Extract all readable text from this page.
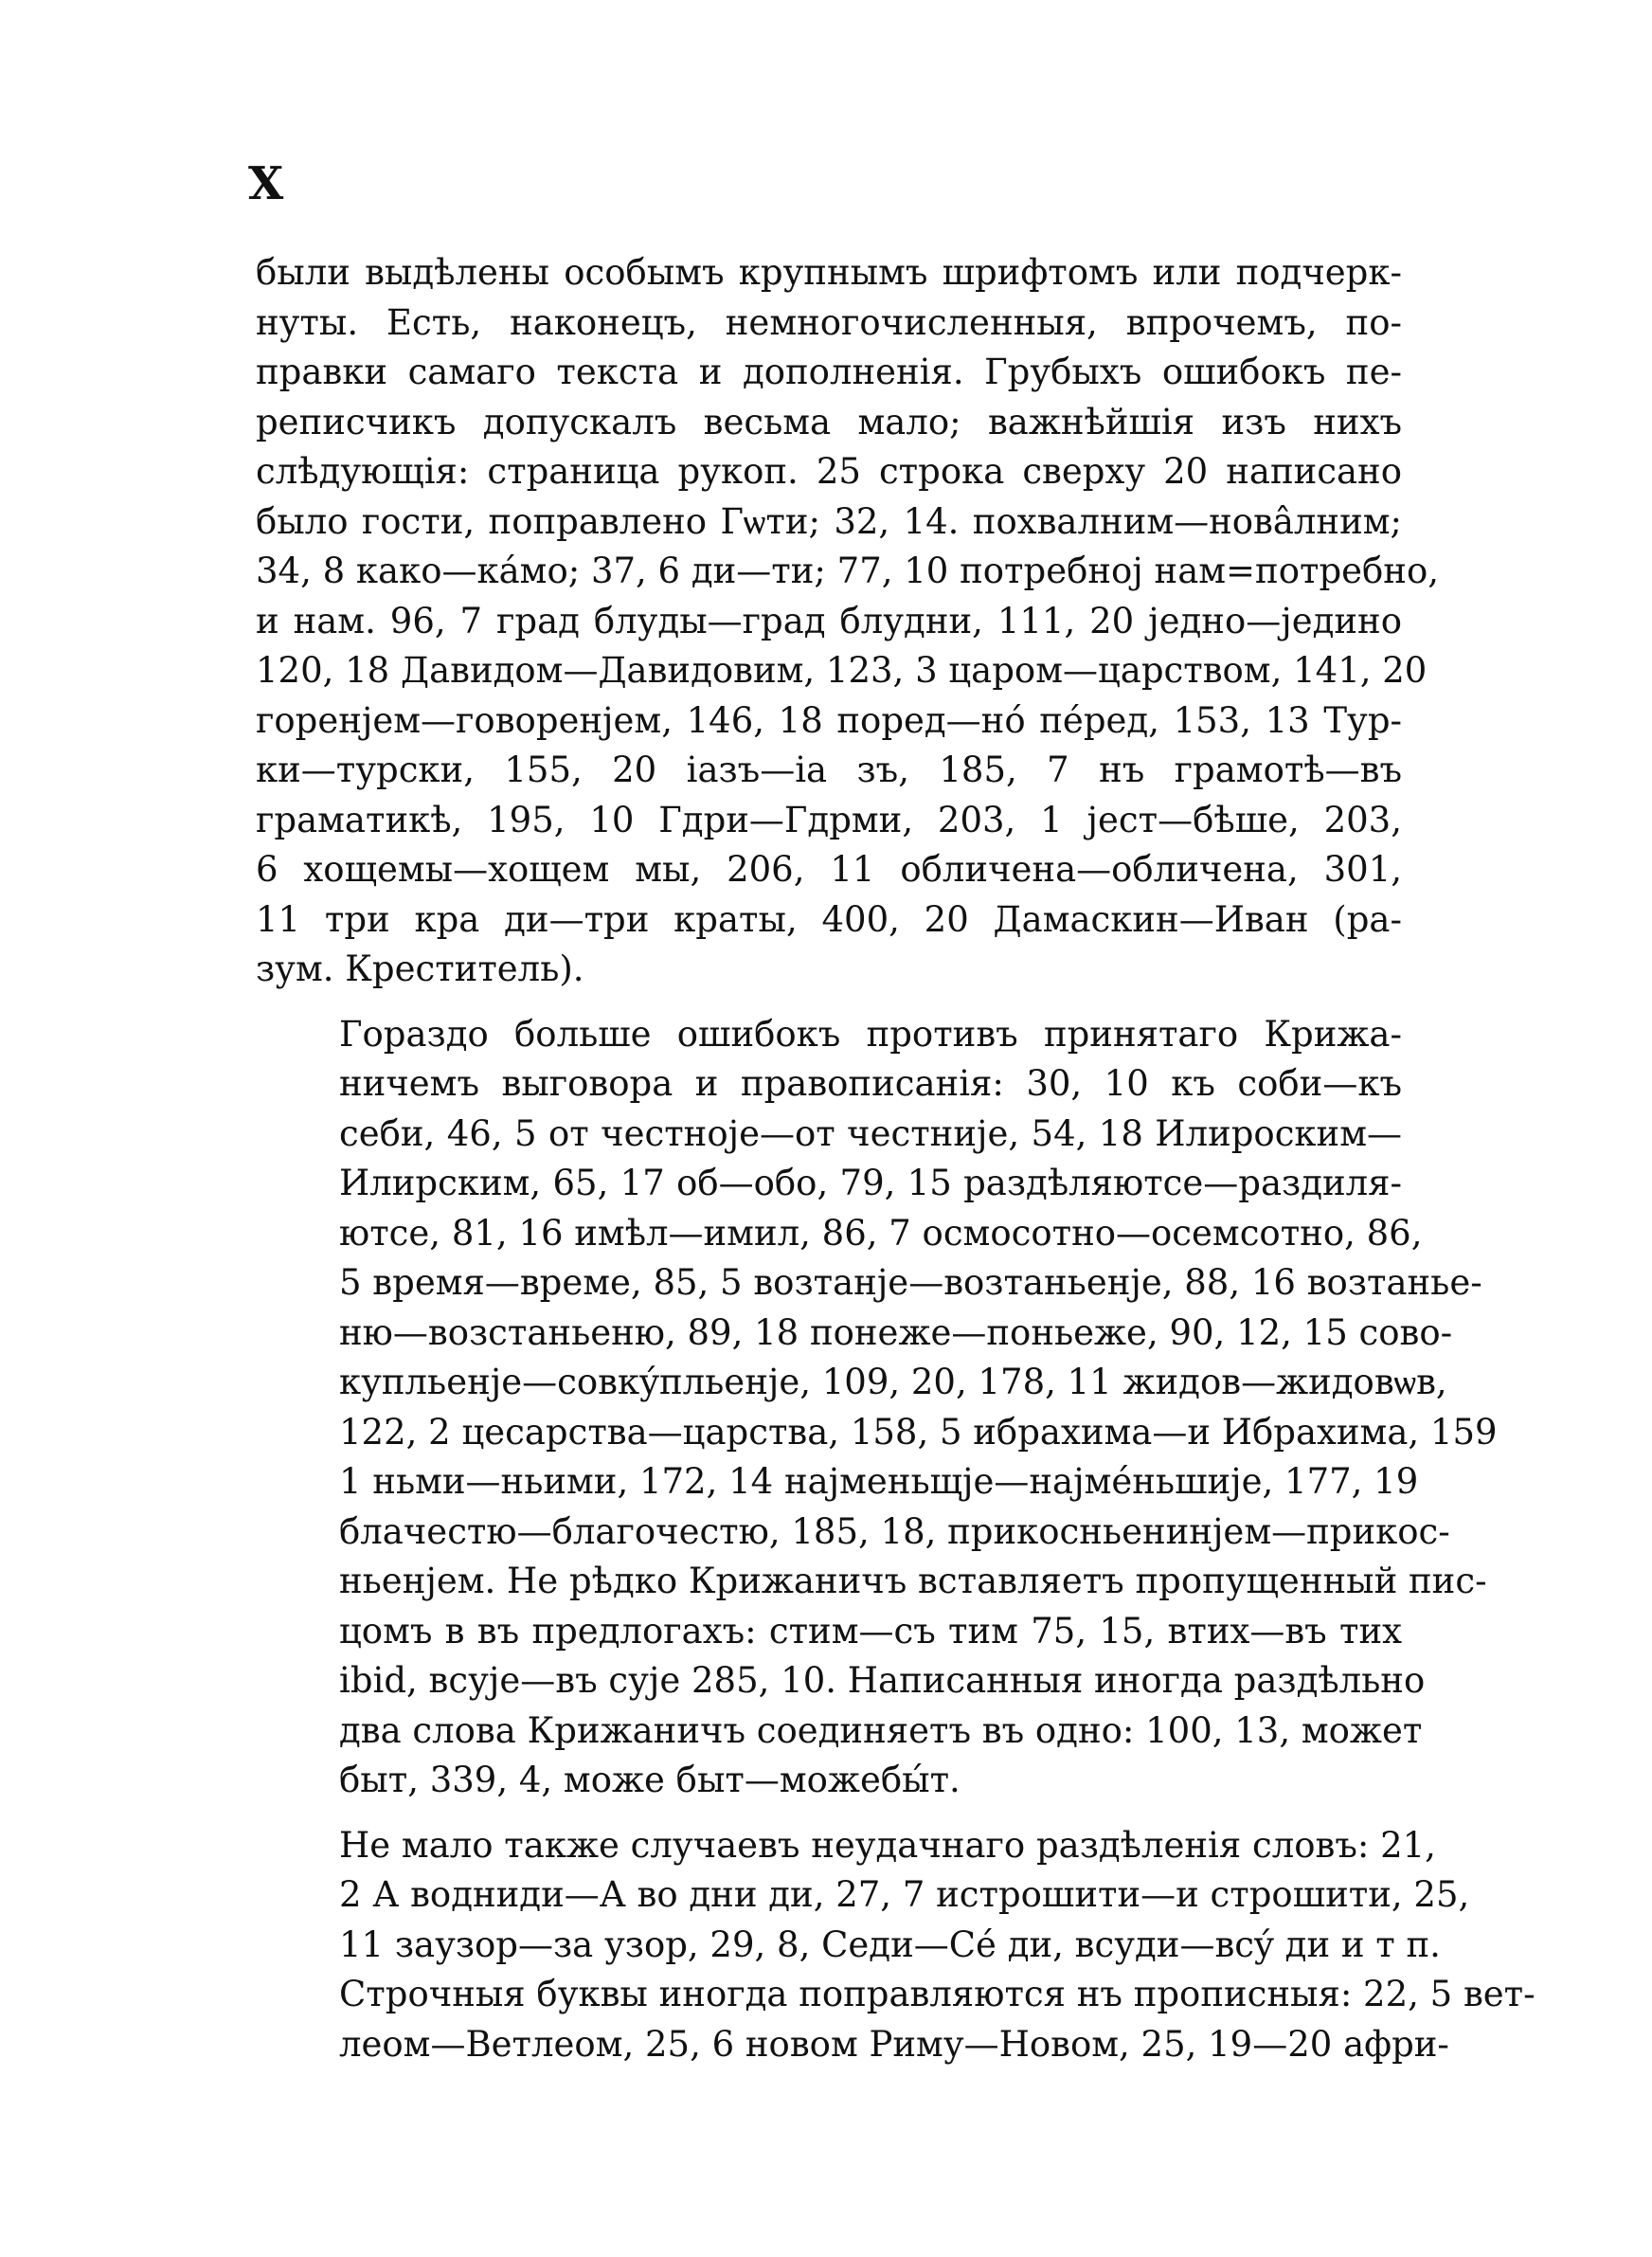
X

были выдѣлены особымъ крупнымъ шрифтомъ или подчерк-
нуты. Есть, наконецъ, немногочисленныя, впрочемъ, по-
правки самаго текста и дополненія. Грубыхъ ошибокъ пе-
реписчикъ допускалъ весьма мало; важнѣйшія изъ нихъ
слѣдующія: страница рукоп. 25 строка сверху 20 написано
было гости, поправлено Гѡти; 32, 14. похвалним—новâлним;
34, 8 како—кáмо; 37, 6 ди—ти; 77, 10 потребноj нам=потребно,
и нам. 96, 7 град блуды—град блудни, 111, 20 једно—једино
120, 18 Давидом—Давидовим, 123, 3 царом—царством, 141, 20
горенjем—говоренjем, 146, 18 поред—нó пéред, 153, 13 Тур-
ки—турски, 155, 20 іазъ—іа зъ, 185, 7 нъ грамотѣ—въ
граматикѣ, 195, 10 Гдри—Гдрми, 203, 1 јест—бѣше, 203,
6 хощемы—хощем мы, 206, 11 обличена—обличена, 301,
11 три кра ди—три краты, 400, 20 Дамаскин—Иван (ра-
зум. Креститель).

Гораздо больше ошибокъ противъ принятаго Крижа-
ничемъ выговора и правописанія: 30, 10 къ соби—къ
себи, 46, 5 от честноје—от честније, 54, 18 Илироским—
Илирским, 65, 17 об—обо, 79, 15 раздѣляютсе—раздиля-
ютсе, 81, 16 имѣл—имил, 86, 7 осмосотно—осемсотно, 86,
5 время—време, 85, 5 возтанје—возтаньенје, 88, 16 возтанье-
ню—возстаньеню, 89, 18 понеже—поньеже, 90, 12, 15 сово-
купльенје—совкýпльенје, 109, 20, 178, 11 жидов—жидовѡв,
122, 2 цесарства—царства, 158, 5 ибрахима—и Ибрахима, 159
1 ньми—ньими, 172, 14 најменьщје—најмéньшије, 177, 19
блачестю—благочестю, 185, 18, прикосньенинјем—прикос-
ньенјем. Не рѣдко Крижаничъ вставляетъ пропущенный пис-
цомъ в въ предлогахъ: стим—съ тим 75, 15, втих—въ тих
ibid, всује—въ сује 285, 10. Написанныя иногда раздѣльно
два слова Крижаничъ соединяетъ въ одно: 100, 13, может
быт, 339, 4, може быт—можебы́т.

Не мало также случаевъ неудачнаго раздѣленія словъ: 21,
2 А водниди—А во дни ди, 27, 7 истрошити—и строшити, 25,
11 заузор—за узор, 29, 8, Седи—Сé ди, всуди—всý ди и т п.
Строчныя буквы иногда поправляются нъ прописныя: 22, 5 вет-
леом—Ветлеом, 25, 6 новом Риму—Новом, 25, 19—20 афри-
